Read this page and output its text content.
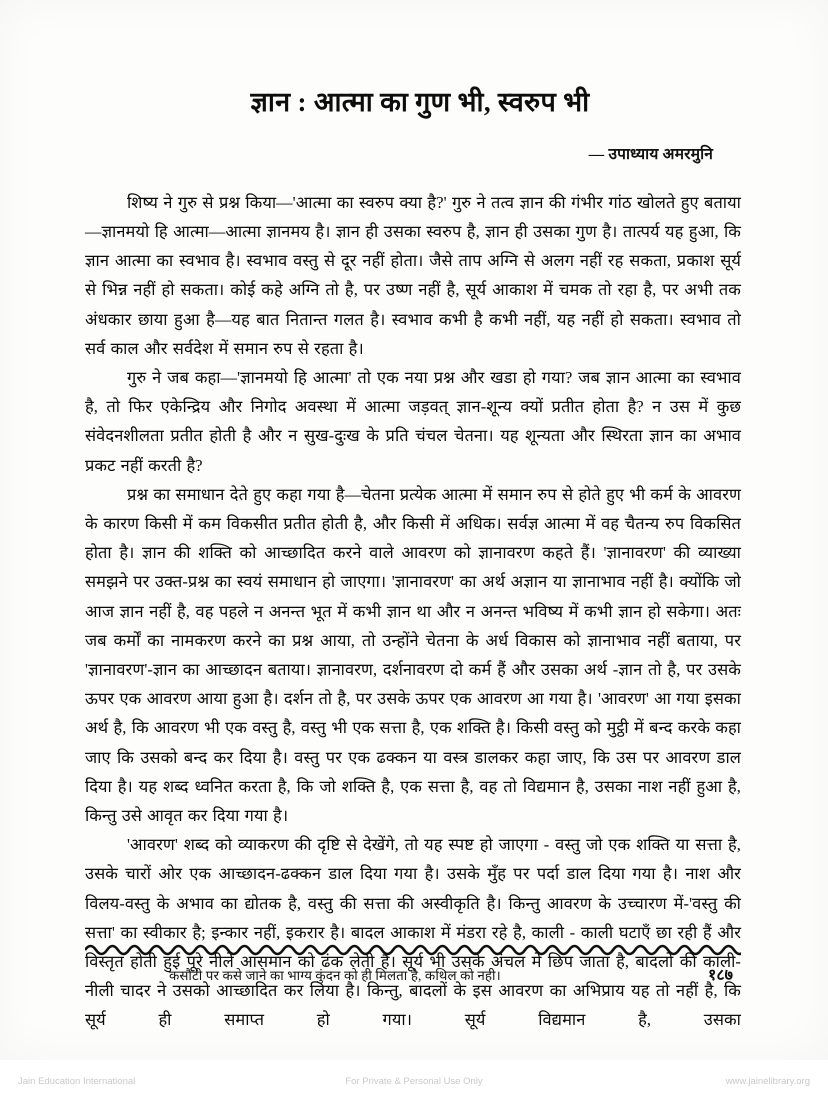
ज्ञान : आत्मा का गुण भी, स्वरुप भी
— उपाध्याय अमरमुनि

शिष्य ने गुरु से प्रश्न किया—'आत्मा का स्वरुप क्या है?' गुरु ने तत्व ज्ञान की गंभीर गांठ खोलते हुए बताया—ज्ञानमयो हि आत्मा—आत्मा ज्ञानमय है। ज्ञान ही उसका स्वरुप है, ज्ञान ही उसका गुण है। तात्पर्य यह हुआ, कि ज्ञान आत्मा का स्वभाव है। स्वभाव वस्तु से दूर नहीं होता। जैसे ताप अग्नि से अलग नहीं रह सकता, प्रकाश सूर्य से भिन्न नहीं हो सकता। कोई कहे अग्नि तो है, पर उष्ण नहीं है, सूर्य आकाश में चमक तो रहा है, पर अभी तक अंधकार छाया हुआ है—यह बात नितान्त गलत है। स्वभाव कभी है कभी नहीं, यह नहीं हो सकता। स्वभाव तो सर्व काल और सर्वदेश में समान रुप से रहता है।

गुरु ने जब कहा—'ज्ञानमयो हि आत्मा' तो एक नया प्रश्न और खडा हो गया? जब ज्ञान आत्मा का स्वभाव है, तो फिर एकेन्द्रिय और निगोद अवस्था में आत्मा जड़वत् ज्ञान-शून्य क्यों प्रतीत होता है? न उस में कुछ संवेदनशीलता प्रतीत होती है और न सुख-दुःख के प्रति चंचल चेतना। यह शून्यता और स्थिरता ज्ञान का अभाव प्रकट नहीं करती है?

प्रश्न का समाधान देते हुए कहा गया है—चेतना प्रत्येक आत्मा में समान रुप से होते हुए भी कर्म के आवरण के कारण किसी में कम विकसीत प्रतीत होती है, और किसी में अधिक। सर्वज्ञ आत्मा में वह चैतन्य रुप विकसित होता है। ज्ञान की शक्ति को आच्छादित करने वाले आवरण को ज्ञानावरण कहते हैं। 'ज्ञानावरण' की व्याख्या समझने पर उक्त-प्रश्न का स्वयं समाधान हो जाएगा। 'ज्ञानावरण' का अर्थ अज्ञान या ज्ञानाभाव नहीं है। क्योंकि जो आज ज्ञान नहीं है, वह पहले न अनन्त भूत में कभी ज्ञान था और न अनन्त भविष्य में कभी ज्ञान हो सकेगा। अतः जब कर्मों का नामकरण करने का प्रश्न आया, तो उन्होंने चेतना के अर्ध विकास को ज्ञानाभाव नहीं बताया, पर 'ज्ञानावरण'-ज्ञान का आच्छादन बताया। ज्ञानावरण, दर्शनावरण दो कर्म हैं और उसका अर्थ -ज्ञान तो है, पर उसके ऊपर एक आवरण आया हुआ है। दर्शन तो है, पर उसके ऊपर एक आवरण आ गया है। 'आवरण' आ गया इसका अर्थ है, कि आवरण भी एक वस्तु है, वस्तु भी एक सत्ता है, एक शक्ति है। किसी वस्तु को मुट्ठी में बन्द करके कहा जाए कि उसको बन्द कर दिया है। वस्तु पर एक ढक्कन या वस्त्र डालकर कहा जाए, कि उस पर आवरण डाल दिया है। यह शब्द ध्वनित करता है, कि जो शक्ति है, एक सत्ता है, वह तो विद्यमान है, उसका नाश नहीं हुआ है, किन्तु उसे आवृत कर दिया गया है।

'आवरण' शब्द को व्याकरण की दृष्टि से देखेंगे, तो यह स्पष्ट हो जाएगा - वस्तु जो एक शक्ति या सत्ता है, उसके चारों ओर एक आच्छादन-ढक्कन डाल दिया गया है। उसके मुँह पर पर्दा डाल दिया गया है। नाश और विलय-वस्तु के अभाव का द्योतक है, वस्तु की सत्ता की अस्वीकृति है। किन्तु आवरण के उच्चारण में-'वस्तु की सत्ता' का स्वीकार है; इन्कार नहीं, इकरार है। बादल आकाश में मंडरा रहे है, काली - काली घटाएँ छा रही हैं और विस्तृत होती हुई पूरे नीले आसमान को ढंक लेती हैं। सूर्य भी उसके अंचल में छिप जाता है, बादलों की काली-नीली चादर ने उसको आच्छादित कर लिया है। किन्तु, बादलों के इस आवरण का अभिप्राय यह तो नहीं है, कि सूर्य ही समाप्त हो गया। सूर्य विद्यमान है, उसका

कसौटी पर कसे जाने का भाग्य कुंदन को ही मिलता है, कथिल को नही।	१८७
Jain Education International	For Private & Personal Use Only	www.jainelibrary.org
